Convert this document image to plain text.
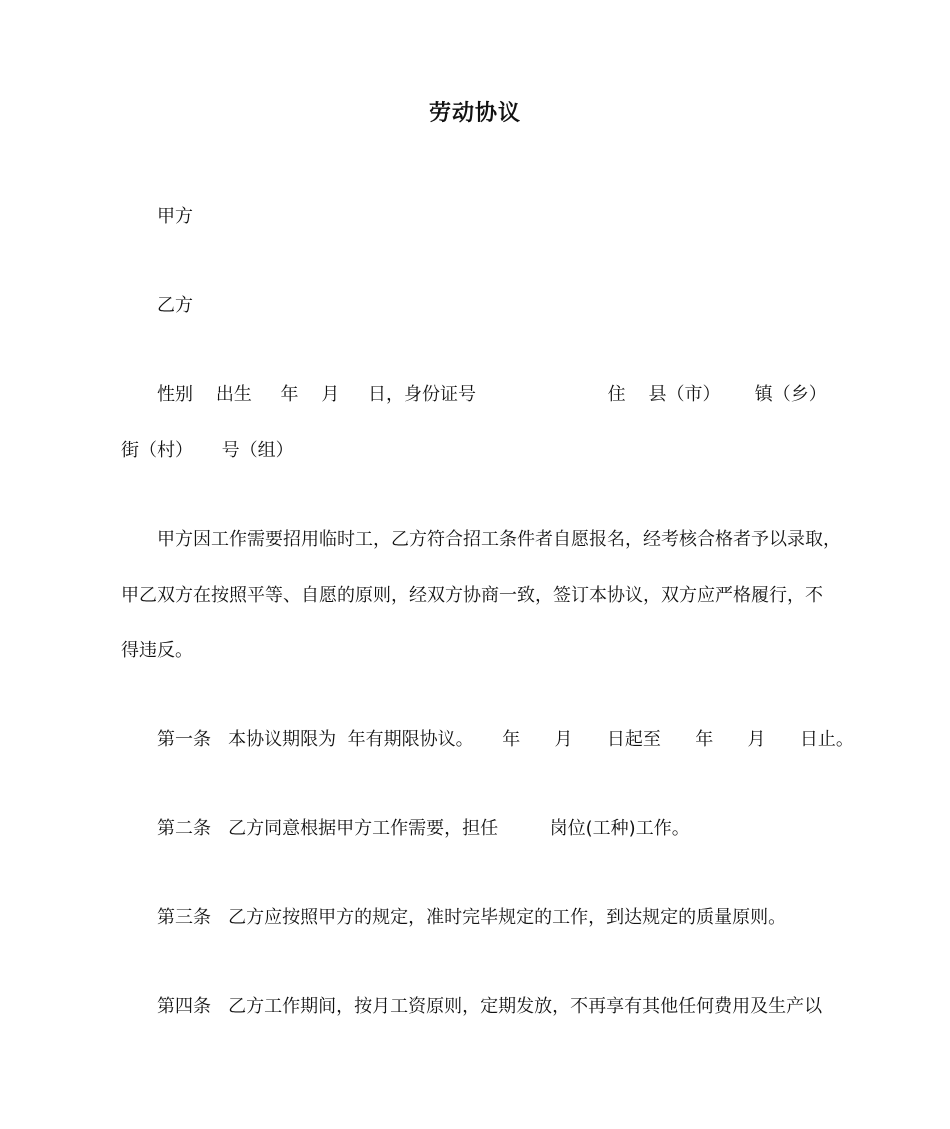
劳动协议
甲方
乙方
性别    出生     年    月     日，身份证号                       住    县（市）      镇（乡）
街（村）     号（组）
甲方因工作需要招用临时工，乙方符合招工条件者自愿报名，经考核合格者予以录取，
甲乙双方在按照平等、自愿的原则，经双方协商一致，签订本协议，双方应严格履行，不
得违反。
第一条   本协议期限为  年有期限协议。     年      月      日起至      年      月      日止。
第二条   乙方同意根据甲方工作需要，担任         岗位(工种)工作。
第三条   乙方应按照甲方的规定，准时完毕规定的工作，到达规定的质量原则。
第四条   乙方工作期间，按月工资原则，定期发放，不再享有其他任何费用及生产以
